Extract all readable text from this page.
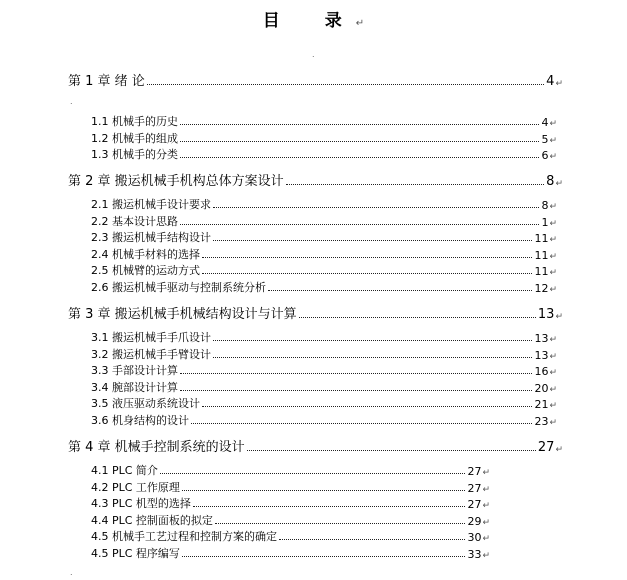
目　录↵
.
.
.
第 1 章 绪 论	4 ↵
1.1 机械手的历史	4 ↵
1.2 机械手的组成	5 ↵
1.3 机械手的分类	6 ↵
第 2 章 搬运机械手机构总体方案设计	8 ↵
2.1 搬运机械手设计要求	8 ↵
2.2 基本设计思路	1 ↵
2.3 搬运机械手结构设计	11 ↵
2.4 机械手材料的选择	11 ↵
2.5 机械臂的运动方式	11 ↵
2.6 搬运机械手驱动与控制系统分析	12 ↵
第 3 章 搬运机械手机械结构设计与计算	13 ↵
3.1 搬运机械手手爪设计	13 ↵
3.2 搬运机械手手臂设计	13 ↵
3.3 手部设计计算	16 ↵
3.4 腕部设计计算	20 ↵
3.5 液压驱动系统设计	21 ↵
3.6 机身结构的设计	23 ↵
第 4 章 机械手控制系统的设计	27 ↵
4.1 PLC 简介	27 ↵
4.2 PLC 工作原理	27 ↵
4.3 PLC 机型的选择	27 ↵
4.4 PLC 控制面板的拟定	29 ↵
4.5 机械手工艺过程和控制方案的确定	30 ↵
4.5 PLC 程序编写	33 ↵
